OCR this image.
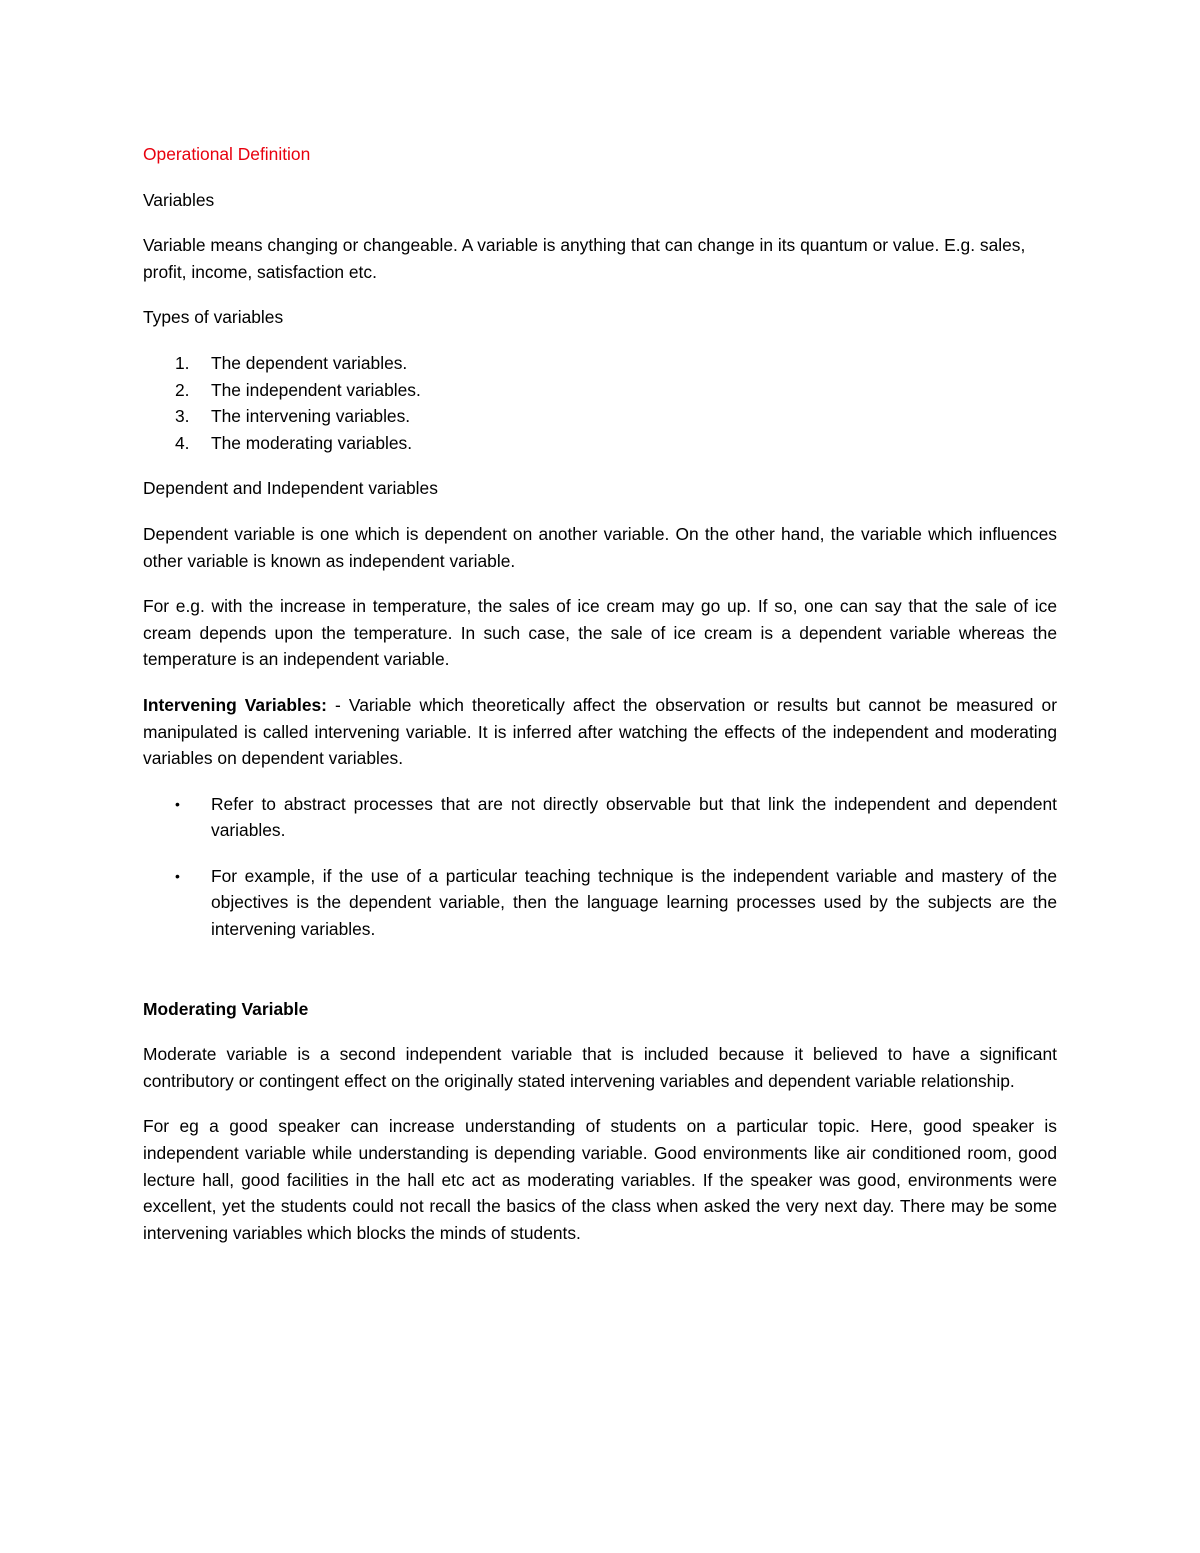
Operational Definition

Variables

Variable means changing or changeable. A variable is anything that can change in its quantum or value. E.g. sales, profit, income, satisfaction etc.

Types of variables

1. The dependent variables.
2. The independent variables.
3. The intervening variables.
4. The moderating variables.

Dependent and Independent variables

Dependent variable is one which is dependent on another variable. On the other hand, the variable which influences other variable is known as independent variable.

For e.g. with the increase in temperature, the sales of ice cream may go up. If so, one can say that the sale of ice cream depends upon the temperature. In such case, the sale of ice cream is a dependent variable whereas the temperature is an independent variable.

Intervening Variables: - Variable which theoretically affect the observation or results but cannot be measured or manipulated is called intervening variable. It is inferred after watching the effects of the independent and moderating variables on dependent variables.

• Refer to abstract processes that are not directly observable but that link the independent and dependent variables.
• For example, if the use of a particular teaching technique is the independent variable and mastery of the objectives is the dependent variable, then the language learning processes used by the subjects are the intervening variables.

Moderating Variable

Moderate variable is a second independent variable that is included because it believed to have a significant contributory or contingent effect on the originally stated intervening variables and dependent variable relationship.

For eg a good speaker can increase understanding of students on a particular topic. Here, good speaker is independent variable while understanding is depending variable. Good environments like air conditioned room, good lecture hall, good facilities in the hall etc act as moderating variables. If the speaker was good, environments were excellent, yet the students could not recall the basics of the class when asked the very next day. There may be some intervening variables which blocks the minds of students.
